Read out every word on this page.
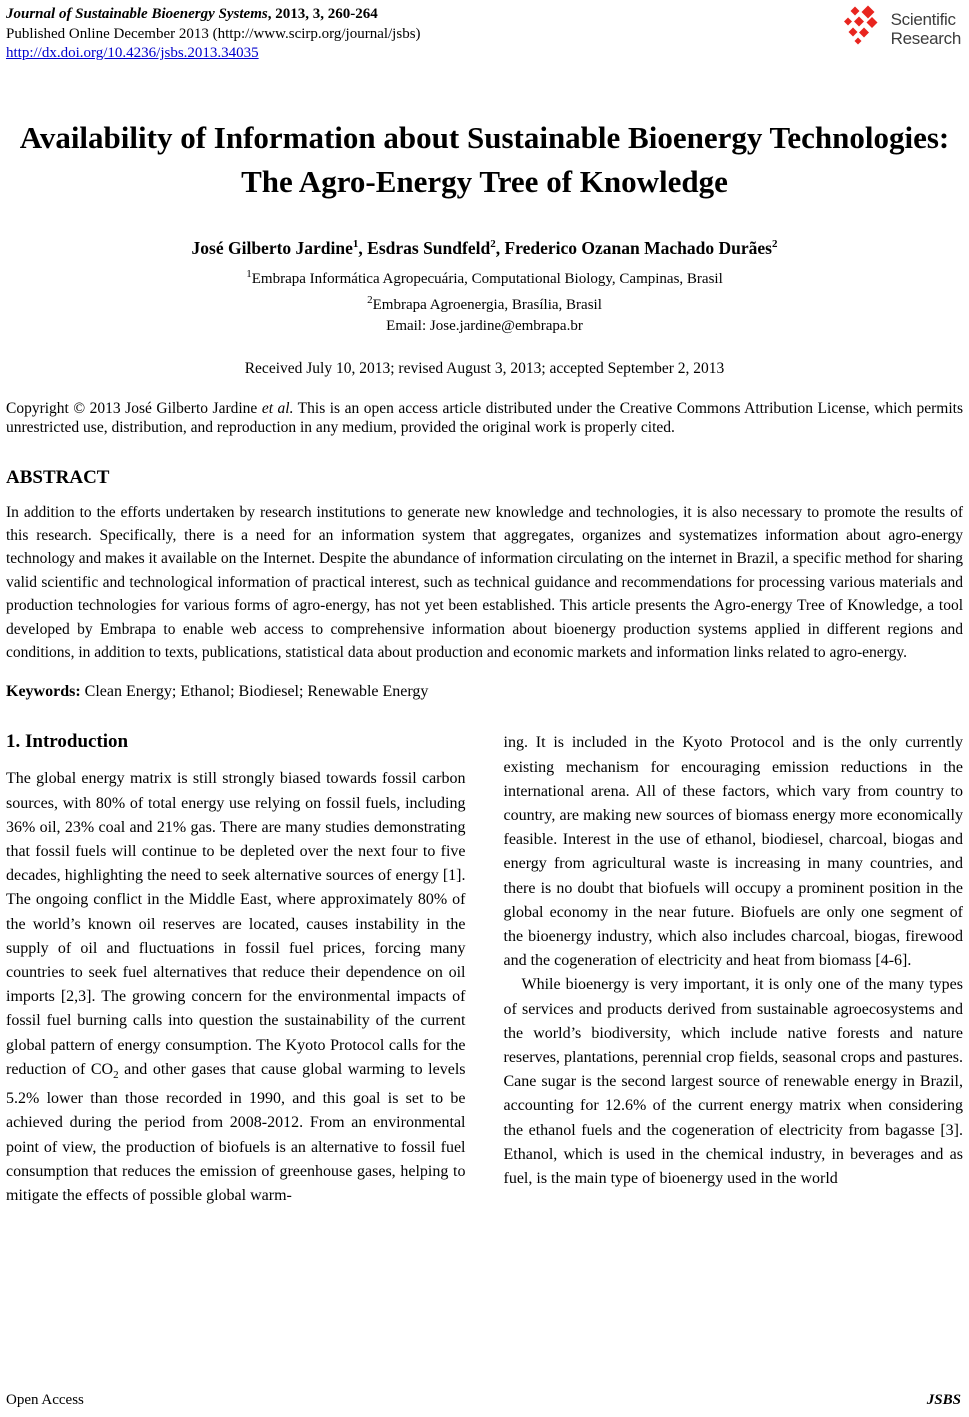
Journal of Sustainable Bioenergy Systems, 2013, 3, 260-264
Published Online December 2013 (http://www.scirp.org/journal/jsbs)
http://dx.doi.org/10.4236/jsbs.2013.34035
Scientific
Research
Availability of Information about Sustainable Bioenergy Technologies: The Agro-Energy Tree of Knowledge
José Gilberto Jardine$^1$, Esdras Sundfeld$^2$, Frederico Ozanan Machado Durães$^2$
$^1$Embrapa Informática Agropecuária, Computational Biology, Campinas, Brasil
$^2$Embrapa Agroenergia, Brasília, Brasil
Email: Jose.jardine@embrapa.br
Received July 10, 2013; revised August 3, 2013; accepted September 2, 2013

Copyright © 2013 José Gilberto Jardine et al. This is an open access article distributed under the Creative Commons Attribution License, which permits unrestricted use, distribution, and reproduction in any medium, provided the original work is properly cited.

ABSTRACT

In addition to the efforts undertaken by research institutions to generate new knowledge and technologies, it is also necessary to promote the results of this research. Specifically, there is a need for an information system that aggregates, organizes and systematizes information about agro-energy technology and makes it available on the Internet. Despite the abundance of information circulating on the internet in Brazil, a specific method for sharing valid scientific and technological information of practical interest, such as technical guidance and recommendations for processing various materials and production technologies for various forms of agro-energy, has not yet been established. This article presents the Agro-energy Tree of Knowledge, a tool developed by Embrapa to enable web access to comprehensive information about bioenergy production systems applied in different regions and conditions, in addition to texts, publications, statistical data about production and economic markets and information links related to agro-energy.

Keywords: Clean Energy; Ethanol; Biodiesel; Renewable Energy
1. Introduction

The global energy matrix is still strongly biased towards fossil carbon sources, with 80% of total energy use relying on fossil fuels, including 36% oil, 23% coal and 21% gas. There are many studies demonstrating that fossil fuels will continue to be depleted over the next four to five decades, highlighting the need to seek alternative sources of energy [1]. The ongoing conflict in the Middle East, where approximately 80% of the world’s known oil reserves are located, causes instability in the supply of oil and fluctuations in fossil fuel prices, forcing many countries to seek fuel alternatives that reduce their dependence on oil imports [2,3]. The growing concern for the environmental impacts of fossil fuel burning calls into question the sustainability of the current global pattern of energy consumption. The Kyoto Protocol calls for the reduction of $CO_2$ and other gases that cause global warming to levels 5.2% lower than those recorded in 1990, and this goal is set to be achieved during the period from 2008-2012. From an environmental point of view, the production of biofuels is an alternative to fossil fuel consumption that reduces the emission of greenhouse gases, helping to mitigate the effects of possible global warm-

ing. It is included in the Kyoto Protocol and is the only currently existing mechanism for encouraging emission reductions in the international arena. All of these factors, which vary from country to country, are making new sources of biomass energy more economically feasible. Interest in the use of ethanol, biodiesel, charcoal, biogas and energy from agricultural waste is increasing in many countries, and there is no doubt that biofuels will occupy a prominent position in the global economy in the near future. Biofuels are only one segment of the bioenergy industry, which also includes charcoal, biogas, firewood and the cogeneration of electricity and heat from biomass [4-6].

While bioenergy is very important, it is only one of the many types of services and products derived from sustainable agroecosystems and the world’s biodiversity, which include native forests and nature reserves, plantations, perennial crop fields, seasonal crops and pastures. Cane sugar is the second largest source of renewable energy in Brazil, accounting for 12.6% of the current energy matrix when considering the ethanol fuels and the cogeneration of electricity from bagasse [3]. Ethanol, which is used in the chemical industry, in beverages and as fuel, is the main type of bioenergy used in the world

Open Access	JSBS
